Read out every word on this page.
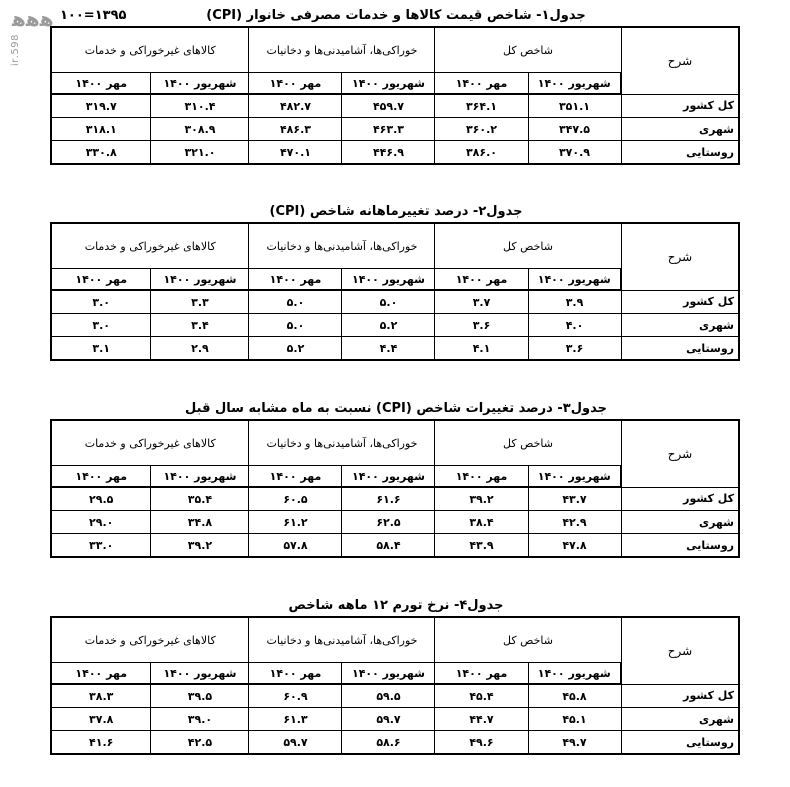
ﻫﻫﻫ
598.ir
جدول۱- شاخص قیمت کالاها و خدمات مصرفی خانوار (CPI)
۱۰۰=۱۳۹۵
شرح	شاخص کل		خوراکی‌ها، آشامیدنی‌ها و دخانیات		کالاهای غیرخوراکی و خدمات	
	شهریور ۱۴۰۰	مهر ۱۴۰۰	شهریور ۱۴۰۰	مهر ۱۴۰۰	شهریور ۱۴۰۰	مهر ۱۴۰۰
کل کشور	۳۵۱.۱	۳۶۴.۱	۴۵۹.۷	۴۸۲.۷	۳۱۰.۴	۳۱۹.۷
شهری	۳۴۷.۵	۳۶۰.۲	۴۶۳.۳	۴۸۶.۳	۳۰۸.۹	۳۱۸.۱
روستایی	۳۷۰.۹	۳۸۶.۰	۴۴۶.۹	۴۷۰.۱	۳۲۱.۰	۳۳۰.۸
جدول۲- درصد تغییرماهانه شاخص (CPI)
شرح	شاخص کل		خوراکی‌ها، آشامیدنی‌ها و دخانیات		کالاهای غیرخوراکی و خدمات	
	شهریور ۱۴۰۰	مهر ۱۴۰۰	شهریور ۱۴۰۰	مهر ۱۴۰۰	شهریور ۱۴۰۰	مهر ۱۴۰۰
کل کشور	۳.۹	۳.۷	۵.۰	۵.۰	۳.۳	۳.۰
شهری	۴.۰	۳.۶	۵.۲	۵.۰	۳.۴	۳.۰
روستایی	۳.۶	۴.۱	۴.۴	۵.۲	۲.۹	۳.۱
جدول۳- درصد تغییرات شاخص (CPI) نسبت به ماه مشابه سال قبل
شرح	شاخص کل		خوراکی‌ها، آشامیدنی‌ها و دخانیات		کالاهای غیرخوراکی و خدمات	
	شهریور ۱۴۰۰	مهر ۱۴۰۰	شهریور ۱۴۰۰	مهر ۱۴۰۰	شهریور ۱۴۰۰	مهر ۱۴۰۰
کل کشور	۴۳.۷	۳۹.۲	۶۱.۶	۶۰.۵	۳۵.۴	۲۹.۵
شهری	۴۲.۹	۳۸.۴	۶۲.۵	۶۱.۲	۳۴.۸	۲۹.۰
روستایی	۴۷.۸	۴۳.۹	۵۸.۴	۵۷.۸	۳۹.۲	۳۳.۰
جدول۴- نرخ تورم ۱۲ ماهه شاخص
شرح	شاخص کل		خوراکی‌ها، آشامیدنی‌ها و دخانیات		کالاهای غیرخوراکی و خدمات	
	شهریور ۱۴۰۰	مهر ۱۴۰۰	شهریور ۱۴۰۰	مهر ۱۴۰۰	شهریور ۱۴۰۰	مهر ۱۴۰۰
کل کشور	۴۵.۸	۴۵.۴	۵۹.۵	۶۰.۹	۳۹.۵	۳۸.۳
شهری	۴۵.۱	۴۴.۷	۵۹.۷	۶۱.۳	۳۹.۰	۳۷.۸
روستایی	۴۹.۷	۴۹.۶	۵۸.۶	۵۹.۷	۴۲.۵	۴۱.۶
